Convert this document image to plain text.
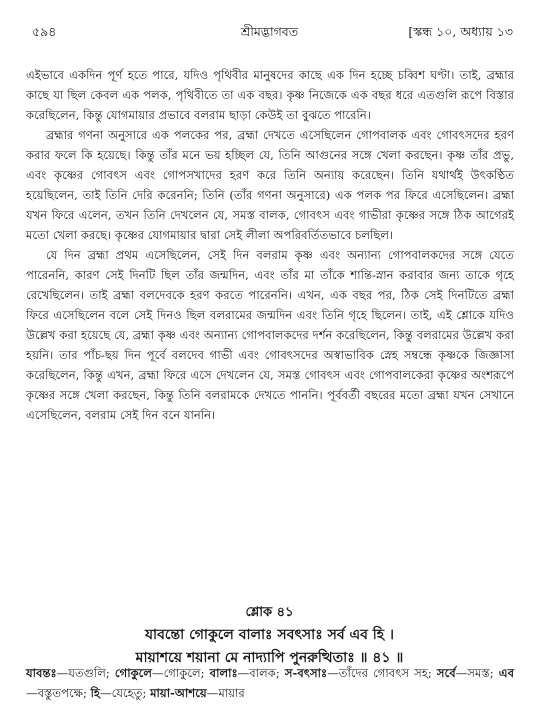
৫৯৪	শ্রীমদ্ভাগবত	[স্কন্ধ ১০, অধ্যায় ১৩

এইভাবে একদিন পূর্ণ হতে পারে, যদিও পৃথিবীর মানুষদের কাছে এক দিন হচ্ছে চব্বিশ ঘণ্টা। তাই, ব্রহ্মার কাছে যা ছিল কেবল এক পলক, পৃথিবীতে তা এক বছর। কৃষ্ণ নিজেকে এক বছর ধরে এতগুলি রূপে বিস্তার করেছিলেন, কিন্তু যোগমায়ার প্রভাবে বলরাম ছাড়া কেউই তা বুঝতে পারেনি।

ব্রহ্মার গণনা অনুসারে এক পলকের পর, ব্রহ্মা দেখতে এসেছিলেন গোপবালক এবং গোবৎসদের হরণ করার ফলে কি হয়েছে। কিন্তু তাঁর মনে ভয় হচ্ছিল যে, তিনি আগুনের সঙ্গে খেলা করছেন। কৃষ্ণ তাঁর প্রভু, এবং কৃষ্ণের গোবৎস এবং গোপসখাদের হরণ করে তিনি অন্যায় করেছেন। তিনি যথার্থই উৎকণ্ঠিত হয়েছিলেন, তাই তিনি দেরি করেননি; তিনি (তাঁর গণনা অনুসারে) এক পলক পর ফিরে এসেছিলেন। ব্রহ্মা যখন ফিরে এলেন, তখন তিনি দেখলেন যে, সমস্ত বালক, গোবৎস এবং গাভীরা কৃষ্ণের সঙ্গে ঠিক আগেরই মতো খেলা করছে। কৃষ্ণের যোগমায়ার দ্বারা সেই লীলা অপরিবর্তিতভাবে চলছিল।

যে দিন ব্রহ্মা প্রথম এসেছিলেন, সেই দিন বলরাম কৃষ্ণ এবং অন্যান্য গোপবালকদের সঙ্গে যেতে পারেননি, কারণ সেই দিনটি ছিল তাঁর জন্মদিন, এবং তাঁর মা তাঁকে শান্তি-স্নান করাবার জন্য তাকে গৃহে রেখেছিলেন। তাই ব্রহ্মা বলদেবকে হরণ করতে পারেননি। এখন, এক বছর পর, ঠিক সেই দিনটিতে ব্রহ্মা ফিরে এসেছিলেন বলে সেই দিনও ছিল বলরামের জন্মদিন এবং তিনি গৃহে ছিলেন। তাই, এই শ্লোকে যদিও উল্লেখ করা হয়েছে যে, ব্রহ্মা কৃষ্ণ এবং অন্যান্য গোপবালকদের দর্শন করেছিলেন, কিন্তু বলরামের উল্লেখ করা হয়নি। তার পাঁচ-ছয় দিন পূর্বে বলদেব গাভী এবং গোবৎসদের অস্বাভাবিক স্নেহ সম্বন্ধে কৃষ্ণকে জিজ্ঞাসা করেছিলেন, কিন্তু এখন, ব্রহ্মা ফিরে এসে দেখলেন যে, সমস্ত গোবৎস এবং গোপবালকেরা কৃষ্ণের অংশরূপে কৃষ্ণের সঙ্গে খেলা করছেন, কিন্তু তিনি বলরামকে দেখতে পাননি। পূর্ববর্তী বছরের মতো ব্রহ্মা যখন সেখানে এসেছিলেন, বলরাম সেই দিন বনে যাননি।

শ্লোক ৪১
যাবন্তো গোকুলে বালাঃ সবৎসাঃ সর্ব এব হি ।
মায়াশয়ে শয়ানা মে নাদ্যাপি পুনরুত্থিতাঃ ॥ ৪১ ॥

যাবন্তঃ—যতগুলি; গোকুলে—গোকুলে; বালাঃ—বালক; স-বৎসাঃ—তাঁদের গোবৎস সহ; সর্বে—সমস্ত; এব—বস্তুতপক্ষে; হি—যেহেতু; মায়া-আশয়ে—মায়ার
